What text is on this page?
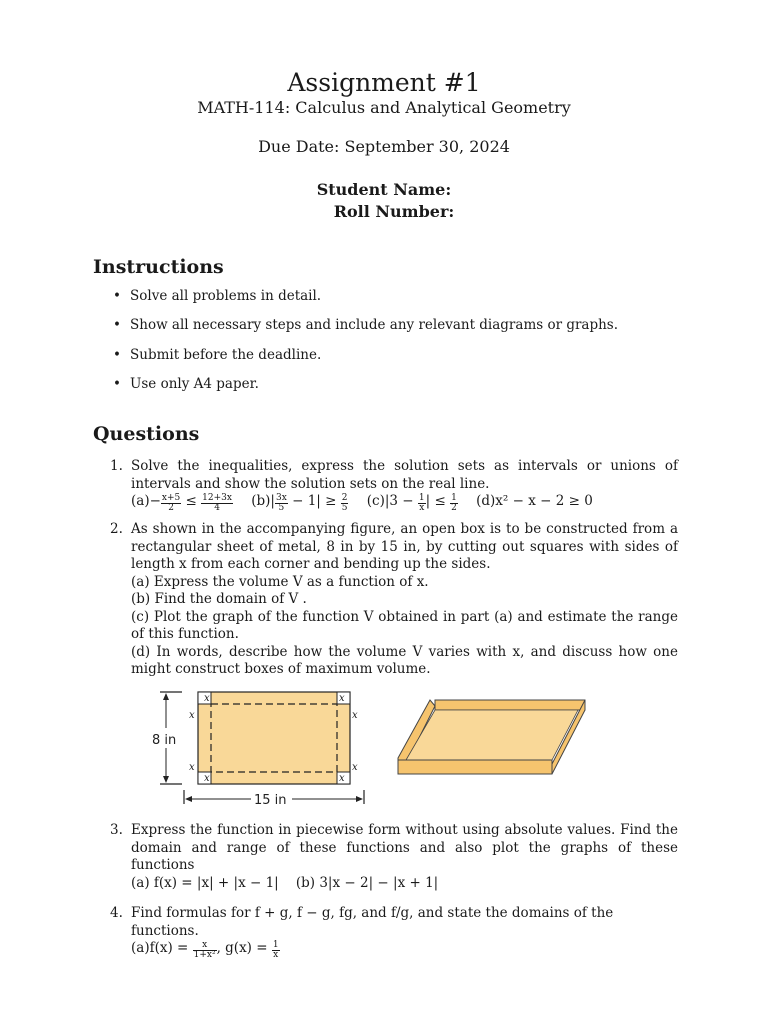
Assignment #1
MATH-114: Calculus and Analytical Geometry
Due Date: September 30, 2024
Student Name:
Roll Number:
Instructions
• Solve all problems in detail.
• Show all necessary steps and include any relevant diagrams or graphs.
• Submit before the deadline.
• Use only A4 paper.
Questions
1. Solve the inequalities, express the solution sets as intervals or unions of intervals and show the solution sets on the real line.
$(a)- \frac{x+5}{2} \le \frac{12+3x}{4} (b)| \frac{3x}{5} - 1| \ge \frac{2}{5} (c)|3 - \frac{1}{x}$ | ≤ $\frac{1}{2} (d)x^2 - x - 2 \ge 0$
2. As shown in the accompanying figure, an open box is to be constructed from a rectangular sheet of metal, 8 in by 15 in, by cutting out squares with sides of length x from each corner and bending up the sides.
(a) Express the volume V as a function of x.
(b) Find the domain of V .
(c) Plot the graph of the function V obtained in part (a) and estimate the range of this function.
(d) In words, describe how the volume V varies with x, and discuss how one might construct boxes of maximum volume.
x	x
x	x
x	x
x	x
8 in
15 in
3. Express the function in piecewise form without using absolute values. Find the domain and range of these functions and also plot the graphs of these functions
(a) f(x) = |x| + |x − 1|    (b) 3|x − 2| − |x + 1|
4. Find formulas for f + g, f − g, fg, and f/g, and state the domains of the functions.
$(a)f(x) = \frac{x}{\text{1+x²}}$ , $g(x) = \frac{1}{x}$
